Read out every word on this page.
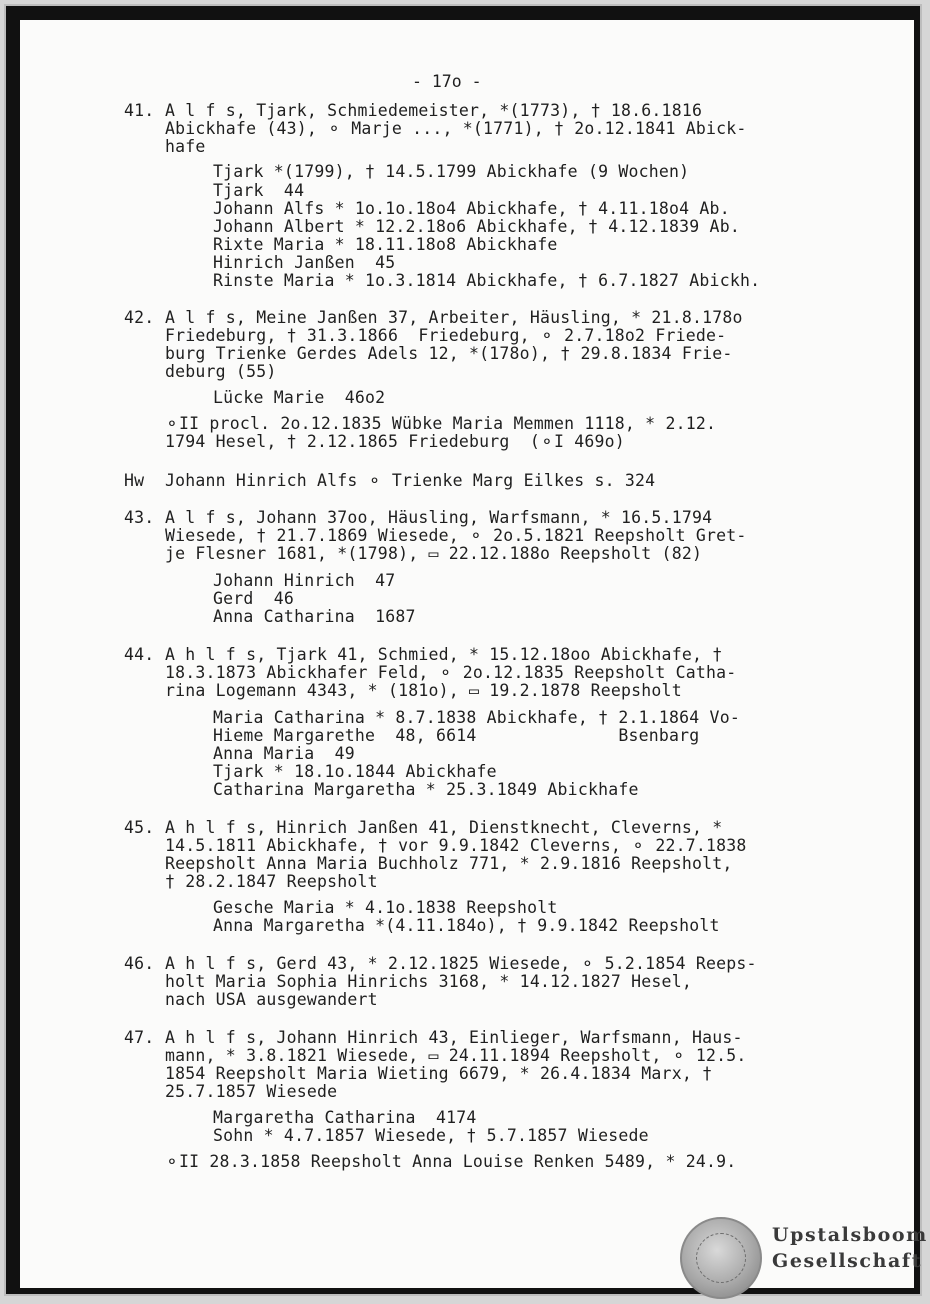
- 17o -
41. A l f s, Tjark, Schmiedemeister, *(1773), † 18.6.1816
Abickhafe (43), ⚬ Marje ..., *(1771), † 2o.12.1841 Abick-
hafe
Tjark *(1799), † 14.5.1799 Abickhafe (9 Wochen)
Tjark  44
Johann Alfs * 1o.1o.18o4 Abickhafe, † 4.11.18o4 Ab.
Johann Albert * 12.2.18o6 Abickhafe, † 4.12.1839 Ab.
Rixte Maria * 18.11.18o8 Abickhafe
Hinrich Janßen  45
Rinste Maria * 1o.3.1814 Abickhafe, † 6.7.1827 Abickh.
42. A l f s, Meine Janßen 37, Arbeiter, Häusling, * 21.8.178o
Friedeburg, † 31.3.1866  Friedeburg, ⚬ 2.7.18o2 Friede-
burg Trienke Gerdes Adels 12, *(178o), † 29.8.1834 Frie-
deburg (55)
Lücke Marie  46o2
⚬II procl. 2o.12.1835 Wübke Maria Memmen 1118, * 2.12.
1794 Hesel, † 2.12.1865 Friedeburg  (⚬I 469o)
Hw Johann Hinrich Alfs ⚬ Trienke Marg Eilkes s. 324
43. A l f s, Johann 37oo, Häusling, Warfsmann, * 16.5.1794
Wiesede, † 21.7.1869 Wiesede, ⚬ 2o.5.1821 Reepsholt Gret-
je Flesner 1681, *(1798), ▭ 22.12.188o Reepsholt (82)
Johann Hinrich  47
Gerd  46
Anna Catharina  1687
44. A h l f s, Tjark 41, Schmied, * 15.12.18oo Abickhafe, †
18.3.1873 Abickhafer Feld, ⚬ 2o.12.1835 Reepsholt Catha-
rina Logemann 4343, * (181o), ▭ 19.2.1878 Reepsholt
Maria Catharina * 8.7.1838 Abickhafe, † 2.1.1864 Vo-
Hieme Margarethe  48, 6614              Bsenbarg
Anna Maria  49
Tjark * 18.1o.1844 Abickhafe
Catharina Margaretha * 25.3.1849 Abickhafe
45. A h l f s, Hinrich Janßen 41, Dienstknecht, Cleverns, *
14.5.1811 Abickhafe, † vor 9.9.1842 Cleverns, ⚬ 22.7.1838
Reepsholt Anna Maria Buchholz 771, * 2.9.1816 Reepsholt,
† 28.2.1847 Reepsholt
Gesche Maria * 4.1o.1838 Reepsholt
Anna Margaretha *(4.11.184o), † 9.9.1842 Reepsholt
46. A h l f s, Gerd 43, * 2.12.1825 Wiesede, ⚬ 5.2.1854 Reeps-
holt Maria Sophia Hinrichs 3168, * 14.12.1827 Hesel,
nach USA ausgewandert
47. A h l f s, Johann Hinrich 43, Einlieger, Warfsmann, Haus-
mann, * 3.8.1821 Wiesede, ▭ 24.11.1894 Reepsholt, ⚬ 12.5.
1854 Reepsholt Maria Wieting 6679, * 26.4.1834 Marx, †
25.7.1857 Wiesede
Margaretha Catharina  4174
Sohn * 4.7.1857 Wiesede, † 5.7.1857 Wiesede
⚬II 28.3.1858 Reepsholt Anna Louise Renken 5489, * 24.9.
Upstalsboom
Gesellschaft
